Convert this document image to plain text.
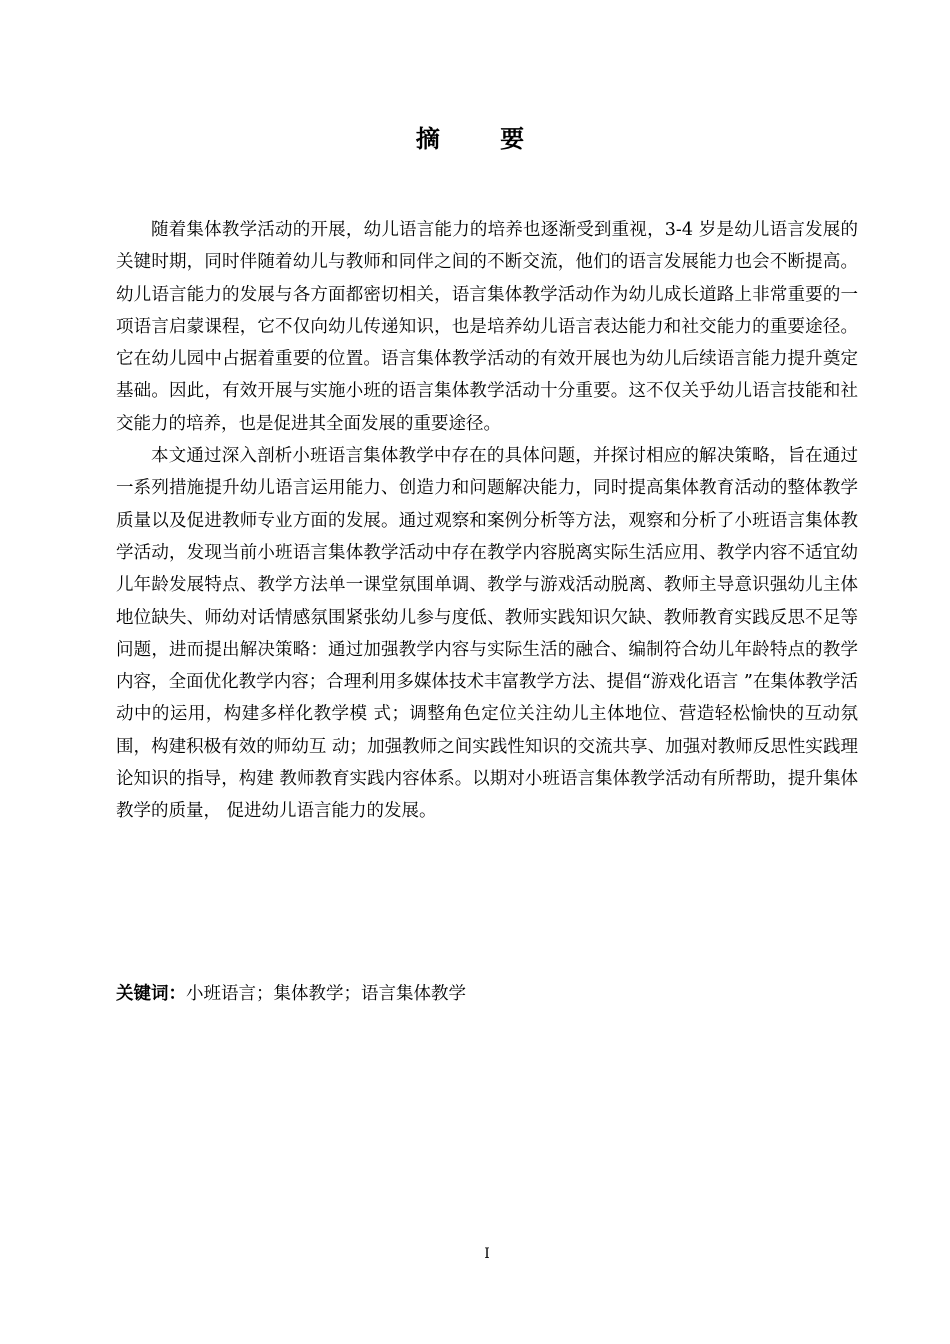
摘 要

随着集体教学活动的开展，幼儿语言能力的培养也逐渐受到重视，3-4 岁是幼儿语言发展的关键时期，同时伴随着幼儿与教师和同伴之间的不断交流，他们的语言发展能力也会不断提高。幼儿语言能力的发展与各方面都密切相关，语言集体教学活动作为幼儿成长道路上非常重要的一项语言启蒙课程，它不仅向幼儿传递知识，也是培养幼儿语言表达能力和社交能力的重要途径。它在幼儿园中占据着重要的位置。语言集体教学活动的有效开展也为幼儿后续语言能力提升奠定基础。因此，有效开展与实施小班的语言集体教学活动十分重要。这不仅关乎幼儿语言技能和社交能力的培养，也是促进其全面发展的重要途径。

本文通过深入剖析小班语言集体教学中存在的具体问题，并探讨相应的解决策略，旨在通过一系列措施提升幼儿语言运用能力、创造力和问题解决能力，同时提高集体教育活动的整体教学质量以及促进教师专业方面的发展。通过观察和案例分析等方法，观察和分析了小班语言集体教学活动，发现当前小班语言集体教学活动中存在教学内容脱离实际生活应用、教学内容不适宜幼儿年龄发展特点、教学方法单一课堂氛围单调、教学与游戏活动脱离、教师主导意识强幼儿主体地位缺失、师幼对话情感氛围紧张幼儿参与度低、教师实践知识欠缺、教师教育实践反思不足等问题，进而提出解决策略：通过加强教学内容与实际生活的融合、编制符合幼儿年龄特点的教学内容，全面优化教学内容；合理利用多媒体技术丰富教学方法、提倡“游戏化语言 ”在集体教学活动中的运用，构建多样化教学模 式；调整角色定位关注幼儿主体地位、营造轻松愉快的互动氛围，构建积极有效的师幼互 动；加强教师之间实践性知识的交流共享、加强对教师反思性实践理论知识的指导，构建 教师教育实践内容体系。以期对小班语言集体教学活动有所帮助，提升集体教学的质量， 促进幼儿语言能力的发展。

关键词：小班语言；集体教学；语言集体教学
I
